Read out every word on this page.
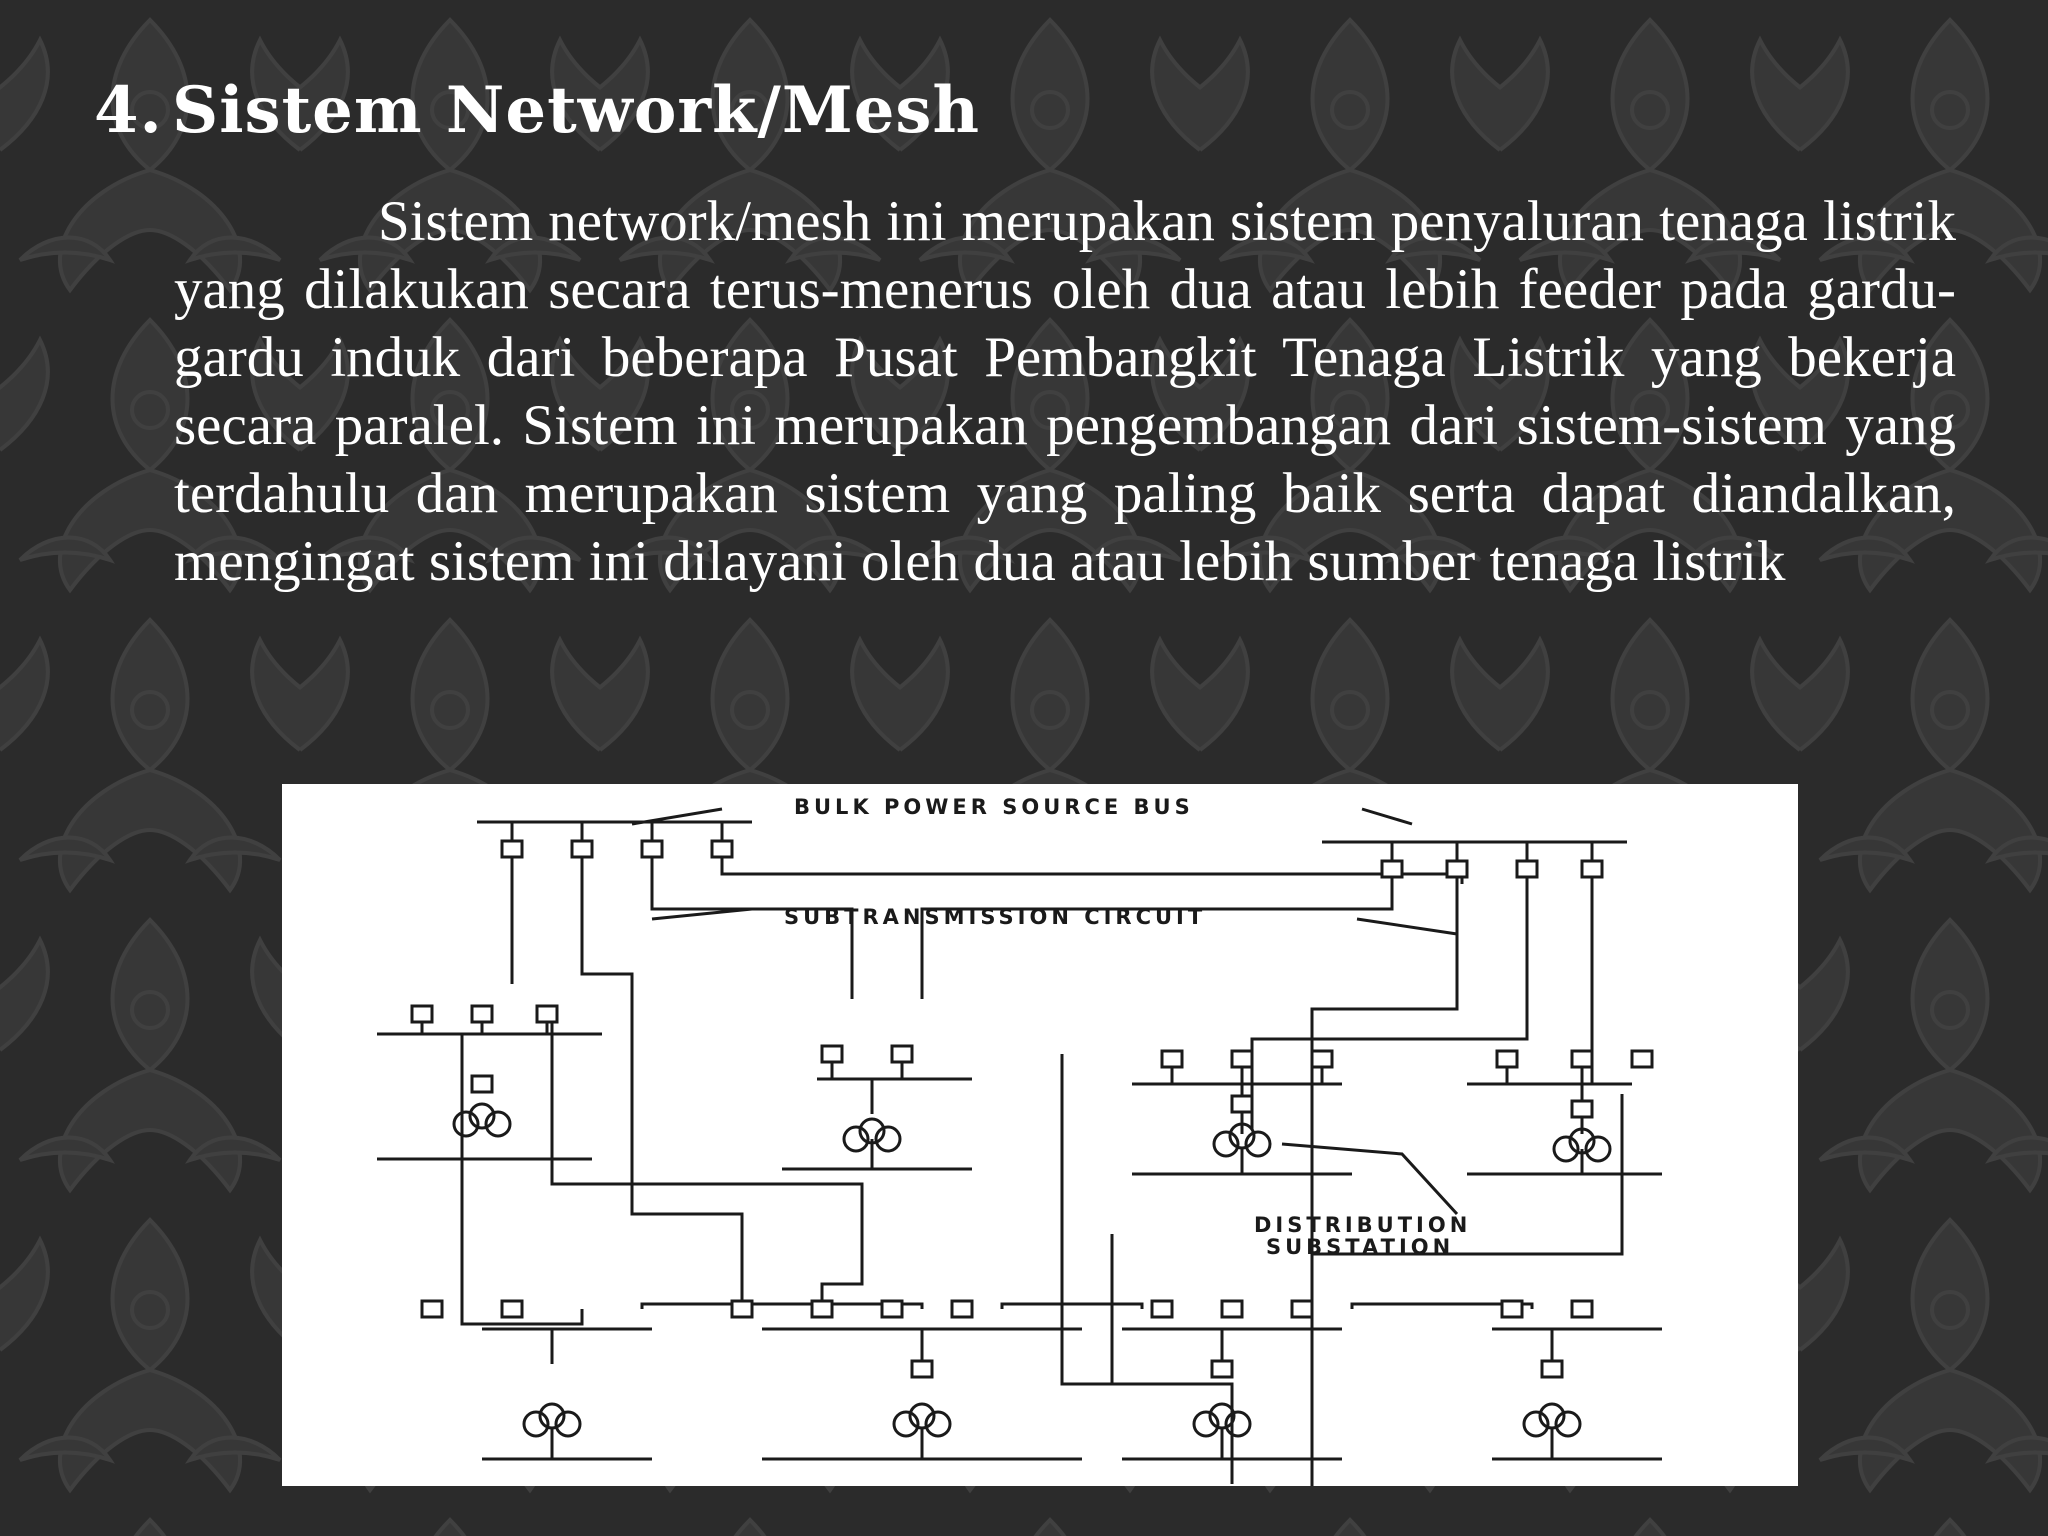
4. Sistem Network/Mesh

Sistem network/mesh ini merupakan sistem penyaluran tenaga listrik yang dilakukan secara terus-menerus oleh dua atau lebih feeder pada gardu-gardu induk dari beberapa Pusat Pembangkit Tenaga Listrik yang bekerja secara paralel. Sistem ini merupakan pengembangan dari sistem-sistem yang terdahulu dan merupakan sistem yang paling baik serta dapat diandalkan, mengingat sistem ini dilayani oleh dua atau lebih sumber tenaga listrik

BULK POWER SOURCE BUS
SUBTRANSMISSION CIRCUIT
DISTRIBUTION
SUBSTATION
